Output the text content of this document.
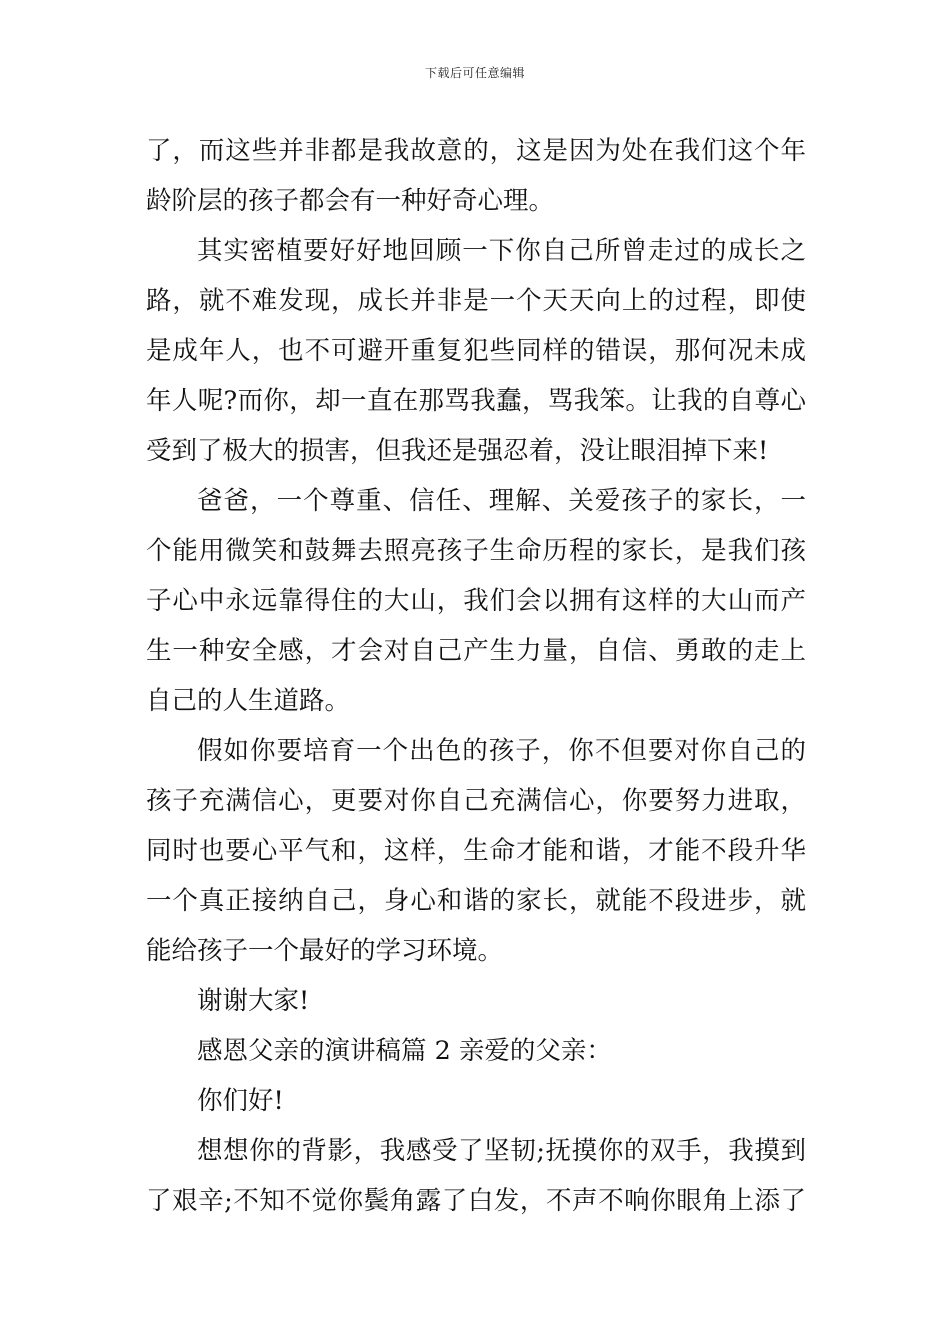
下载后可任意编辑
了，而这些并非都是我故意的，这是因为处在我们这个年
龄阶层的孩子都会有一种好奇心理。
其实密植要好好地回顾一下你自己所曾走过的成长之
路，就不难发现，成长并非是一个天天向上的过程，即使
是成年人，也不可避开重复犯些同样的错误，那何况未成
年人呢?而你，却一直在那骂我蠢，骂我笨。让我的自尊心
受到了极大的损害，但我还是强忍着，没让眼泪掉下来!
爸爸，一个尊重、信任、理解、关爱孩子的家长，一
个能用微笑和鼓舞去照亮孩子生命历程的家长，是我们孩
子心中永远靠得住的大山，我们会以拥有这样的大山而产
生一种安全感，才会对自己产生力量，自信、勇敢的走上
自己的人生道路。
假如你要培育一个出色的孩子，你不但要对你自己的
孩子充满信心，更要对你自己充满信心，你要努力进取，
同时也要心平气和，这样，生命才能和谐，才能不段升华
一个真正接纳自己，身心和谐的家长，就能不段进步，就
能给孩子一个最好的学习环境。
谢谢大家!
感恩父亲的演讲稿篇 2 亲爱的父亲：
你们好!
想想你的背影，我感受了坚韧;抚摸你的双手，我摸到
了艰辛;不知不觉你鬓角露了白发，不声不响你眼角上添了
